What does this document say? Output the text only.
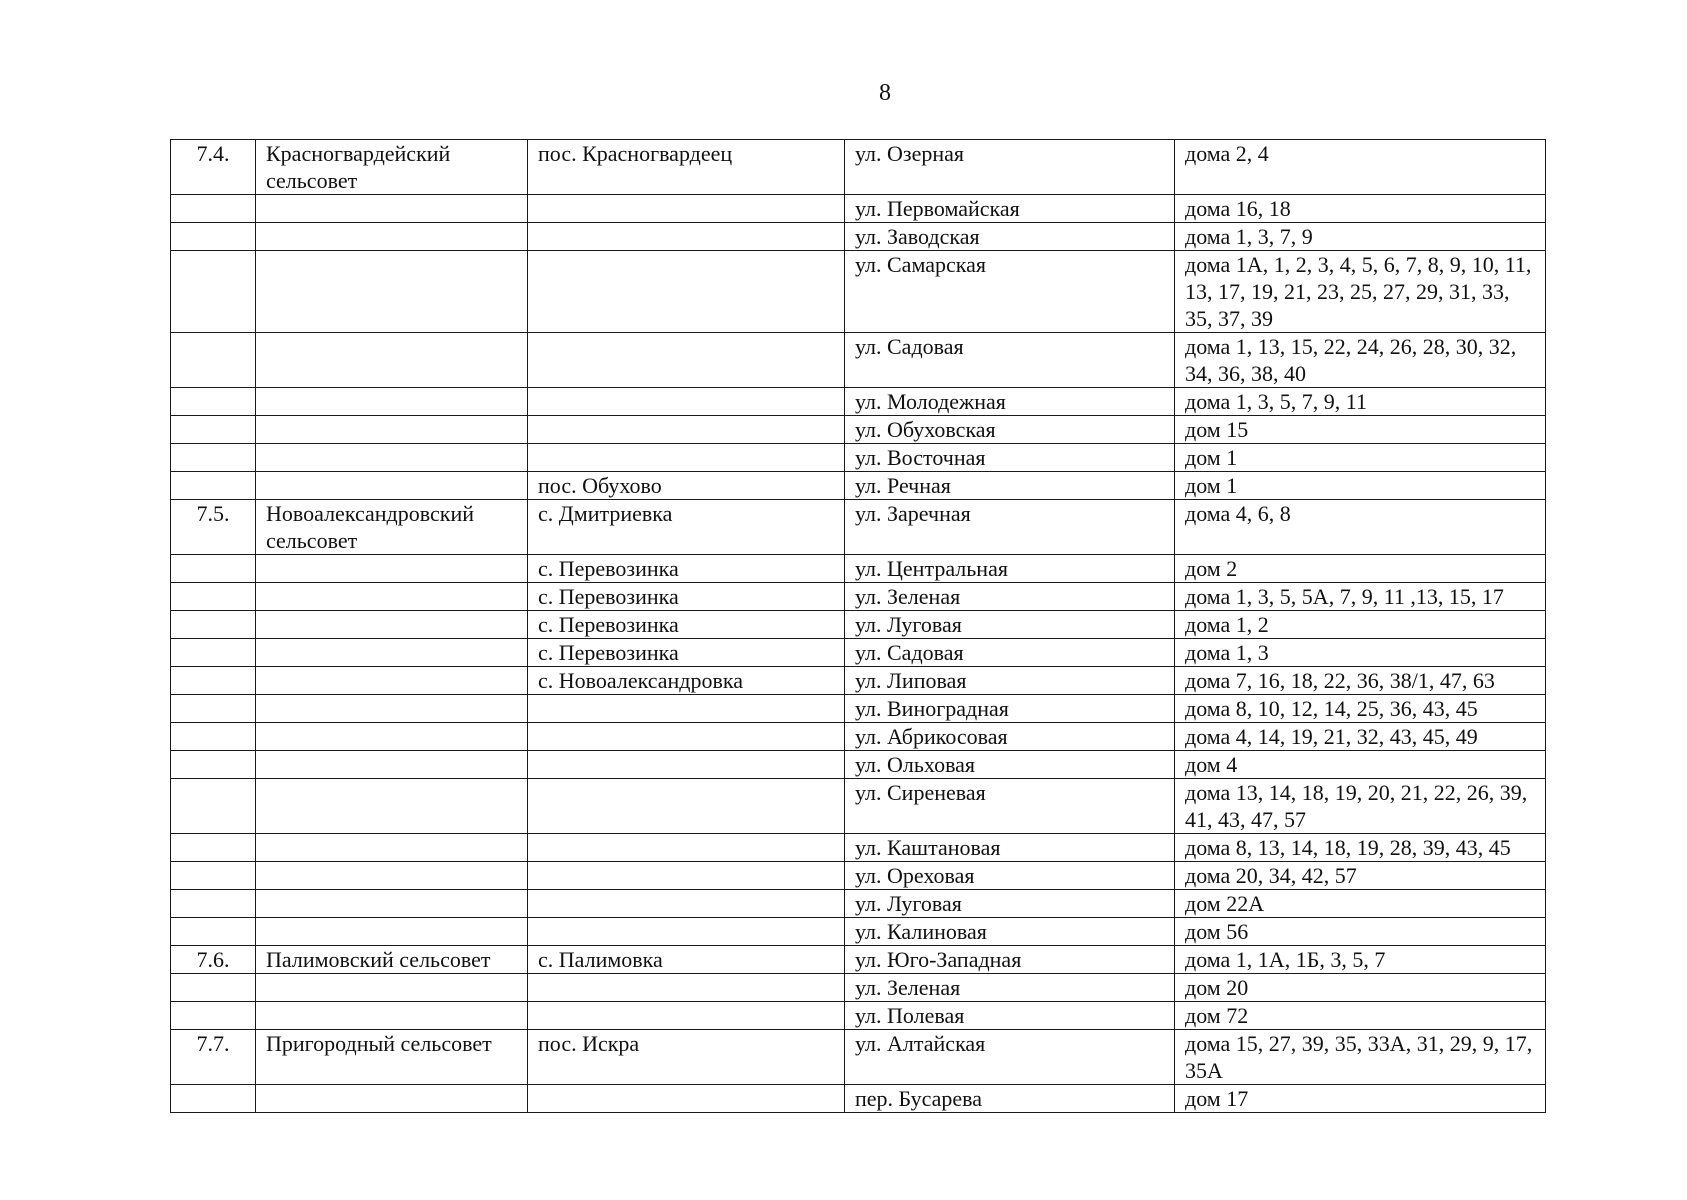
8
7.4.	Красногвардейский сельсовет	пос. Красногвардеец	ул. Озерная	дома 2, 4
			ул. Первомайская	дома 16, 18
			ул. Заводская	дома 1, 3, 7, 9
			ул. Самарская	дома 1А, 1, 2, 3, 4, 5, 6, 7, 8, 9, 10, 11, 13, 17, 19, 21, 23, 25, 27, 29, 31, 33, 35, 37, 39
			ул. Садовая	дома 1, 13, 15, 22, 24, 26, 28, 30, 32, 34, 36, 38, 40
			ул. Молодежная	дома 1, 3, 5, 7, 9, 11
			ул. Обуховская	дом 15
			ул. Восточная	дом 1
		пос. Обухово	ул. Речная	дом 1
7.5.	Новоалександровский сельсовет	с. Дмитриевка	ул. Заречная	дома 4, 6, 8
		с. Перевозинка	ул. Центральная	дом 2
		с. Перевозинка	ул. Зеленая	дома 1, 3, 5, 5А, 7, 9, 11 ,13, 15, 17
		с. Перевозинка	ул. Луговая	дома 1, 2
		с. Перевозинка	ул. Садовая	дома 1, 3
		с. Новоалександровка	ул. Липовая	дома 7, 16, 18, 22, 36, 38/1, 47, 63
			ул. Виноградная	дома 8, 10, 12, 14, 25, 36, 43, 45
			ул. Абрикосовая	дома 4, 14, 19, 21, 32, 43, 45, 49
			ул. Ольховая	дом 4
			ул. Сиреневая	дома 13, 14, 18, 19, 20, 21, 22, 26, 39, 41, 43, 47, 57
			ул. Каштановая	дома 8, 13, 14, 18, 19, 28, 39, 43, 45
			ул. Ореховая	дома 20, 34, 42, 57
			ул. Луговая	дом 22А
			ул. Калиновая	дом 56
7.6.	Палимовский сельсовет	с. Палимовка	ул. Юго-Западная	дома 1, 1А, 1Б, 3, 5, 7
			ул. Зеленая	дом 20
			ул. Полевая	дом 72
7.7.	Пригородный сельсовет	пос. Искра	ул. Алтайская	дома 15, 27, 39, 35, 33А, 31, 29, 9, 17, 35А
			пер. Бусарева	дом 17
